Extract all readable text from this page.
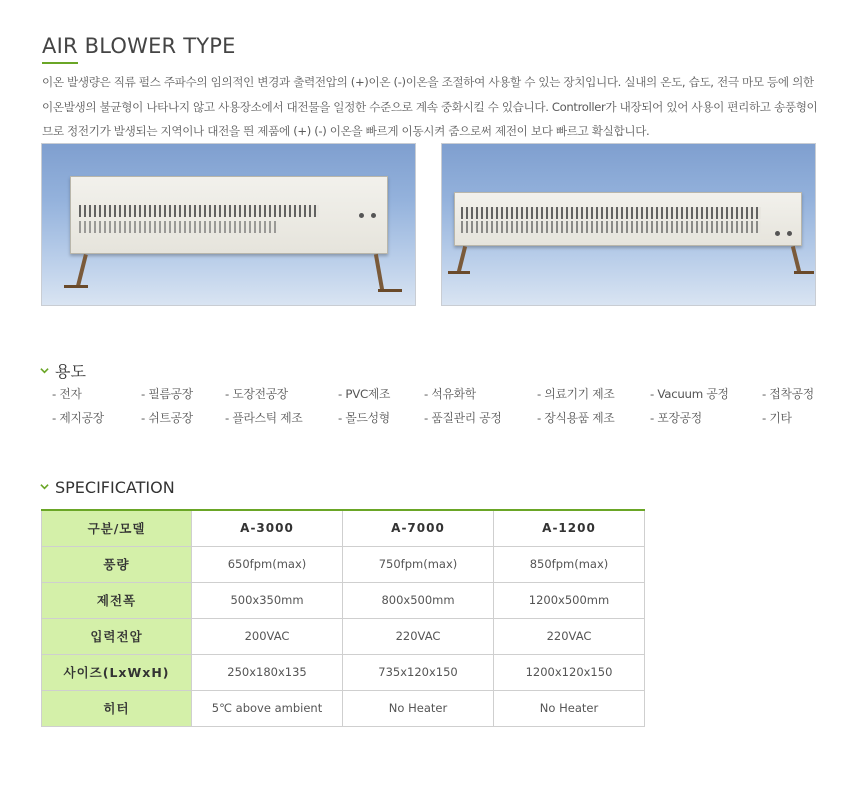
AIR BLOWER TYPE

이온 발생량은 직류 펄스 주파수의 임의적인 변경과 출력전압의 (+)이온 (-)이온을 조절하여 사용할 수 있는 장치입니다. 실내의 온도, 습도, 전극 마모 등에 의한 이온발생의 불균형이 나타나지 않고 사용장소에서 대전물을 일정한 수준으로 계속 중화시킬 수 있습니다. Controller가 내장되어 있어 사용이 편리하고 송풍형이므로 정전기가 발생되는 지역이나 대전을 띈 제품에 (+) (-) 이온을 빠르게 이동시켜 줌으로써 제전이 보다 빠르고 확실합니다.

용도
- 전자	- 필름공장	- 도장전공장	- PVC제조	- 석유화학	- 의료기기 제조	- Vacuum 공정	- 접착공정
- 제지공장	- 쉬트공장	- 플라스틱 제조	- 몰드성형	- 품질관리 공정	- 장식용품 제조	- 포장공정	- 기타
SPECIFICATION
구분/모델	A-3000	A-7000	A-1200
풍량	650fpm(max)	750fpm(max)	850fpm(max)
제전폭	500x350mm	800x500mm	1200x500mm
입력전압	200VAC	220VAC	220VAC
사이즈(LxWxH)	250x180x135	735x120x150	1200x120x150
히터	5℃ above ambient	No Heater	No Heater
